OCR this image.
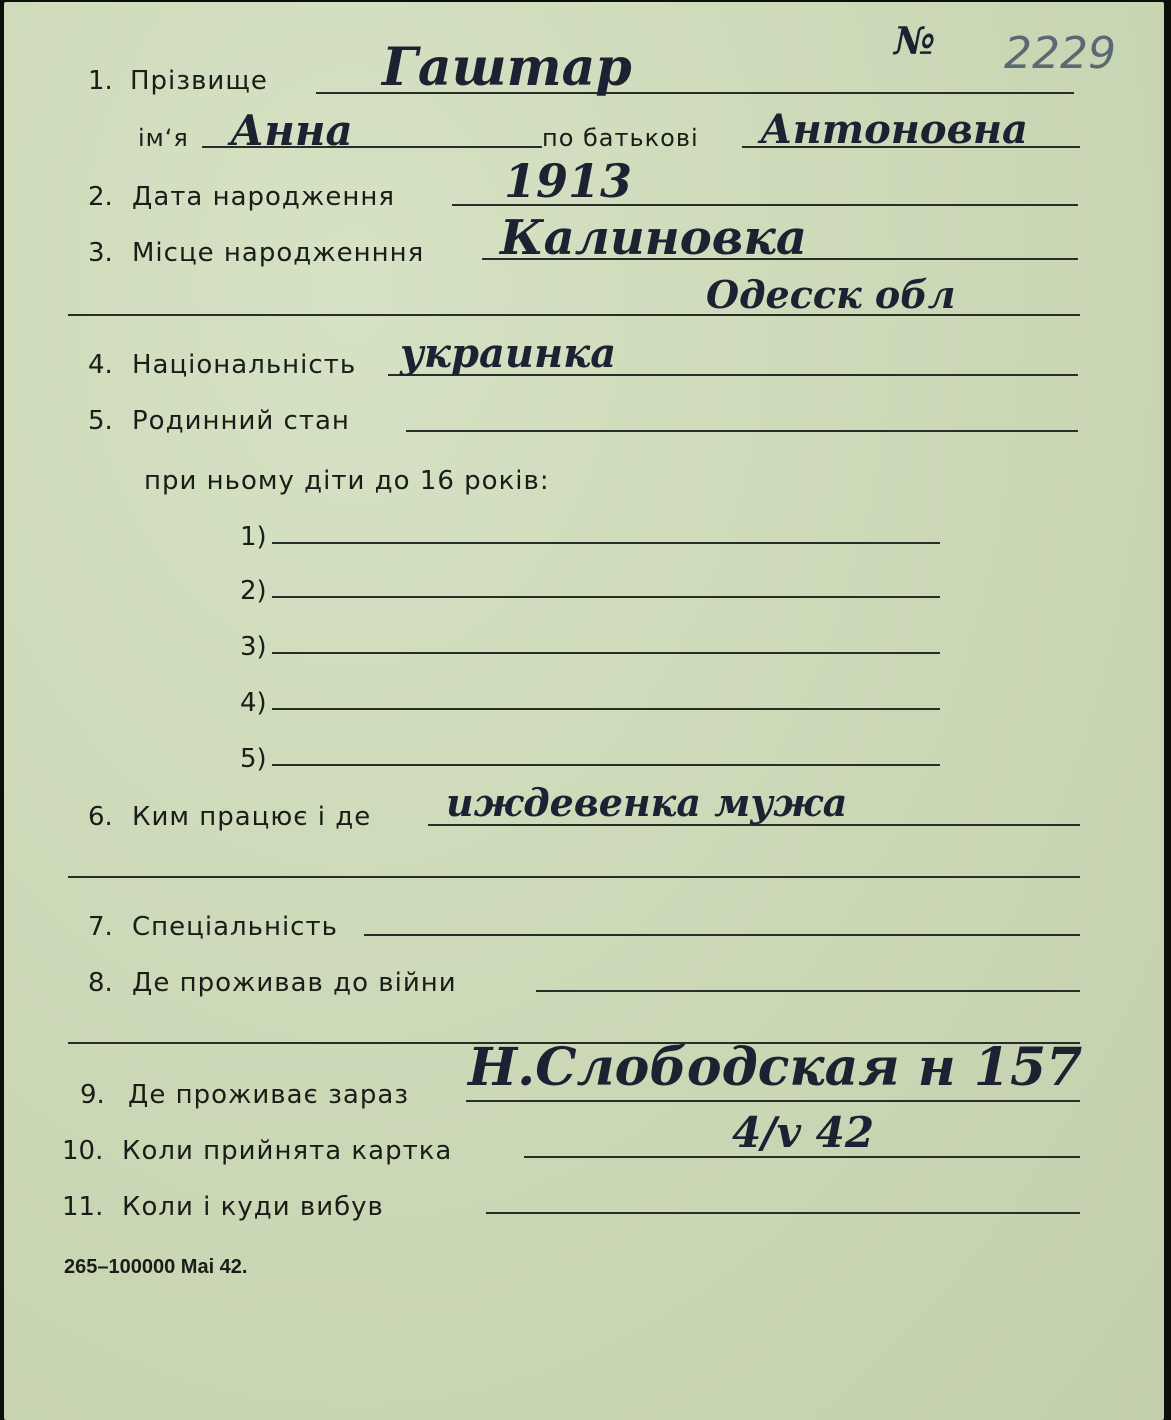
1. Прізвище Гаштар	№ 2229
ім‘я Анна	по батькові Антоновна
2. Дата народження 1913
3. Місце народженння Калиновка
Одесск обл
4. Національність украинка
5. Родинний стан
при ньому діти до 16 років:
1)
2)
3)
4)
5)
6. Ким працює і де иждевенка мужа
7. Спеціальність
8. Де проживав до війни
9. Де проживає зараз Н.Слободская н 157
10. Коли прийнята картка	4/v 42
11. Коли і куди вибув
265–100000 Mai 42.
